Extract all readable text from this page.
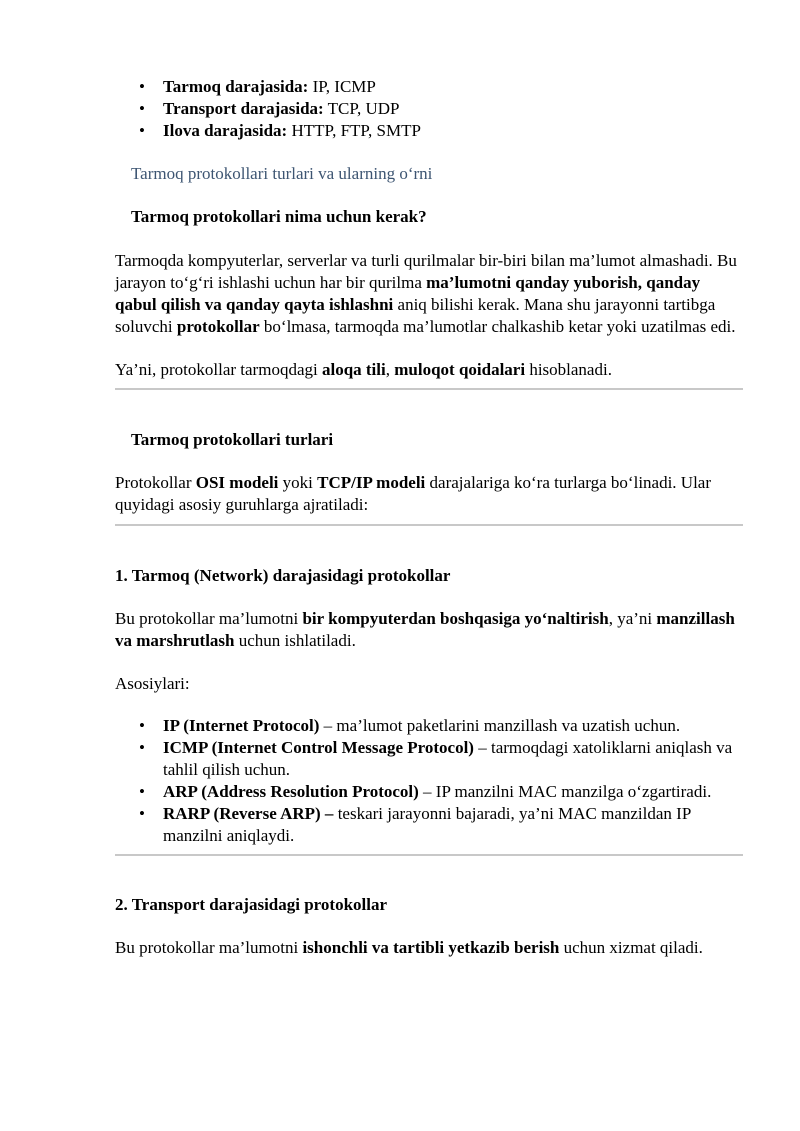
• Tarmoq darajasida: IP, ICMP
• Transport darajasida: TCP, UDP
• Ilova darajasida: HTTP, FTP, SMTP

Tarmoq protokollari turlari va ularning o‘rni

Tarmoq protokollari nima uchun kerak?

Tarmoqda kompyuterlar, serverlar va turli qurilmalar bir-biri bilan ma’lumot almashadi. Bu jarayon to‘g‘ri ishlashi uchun har bir qurilma ma’lumotni qanday yuborish, qanday qabul qilish va qanday qayta ishlashni aniq bilishi kerak. Mana shu jarayonni tartibga soluvchi protokollar bo‘lmasa, tarmoqda ma’lumotlar chalkashib ketar yoki uzatilmas edi.

Ya’ni, protokollar tarmoqdagi aloqa tili, muloqot qoidalari hisoblanadi.

Tarmoq protokollari turlari

Protokollar OSI modeli yoki TCP/IP modeli darajalariga ko‘ra turlarga bo‘linadi. Ular quyidagi asosiy guruhlarga ajratiladi:

1. Tarmoq (Network) darajasidagi protokollar

Bu protokollar ma’lumotni bir kompyuterdan boshqasiga yo‘naltirish, ya’ni manzillash va marshrutlash uchun ishlatiladi.

Asosiylari:

• IP (Internet Protocol) – ma’lumot paketlarini manzillash va uzatish uchun.
• ICMP (Internet Control Message Protocol) – tarmoqdagi xatoliklarni aniqlash va tahlil qilish uchun.
• ARP (Address Resolution Protocol) – IP manzilni MAC manzilga o‘zgartiradi.
• RARP (Reverse ARP) – teskari jarayonni bajaradi, ya’ni MAC manzildan IP manzilni aniqlaydi.

2. Transport darajasidagi protokollar

Bu protokollar ma’lumotni ishonchli va tartibli yetkazib berish uchun xizmat qiladi.
